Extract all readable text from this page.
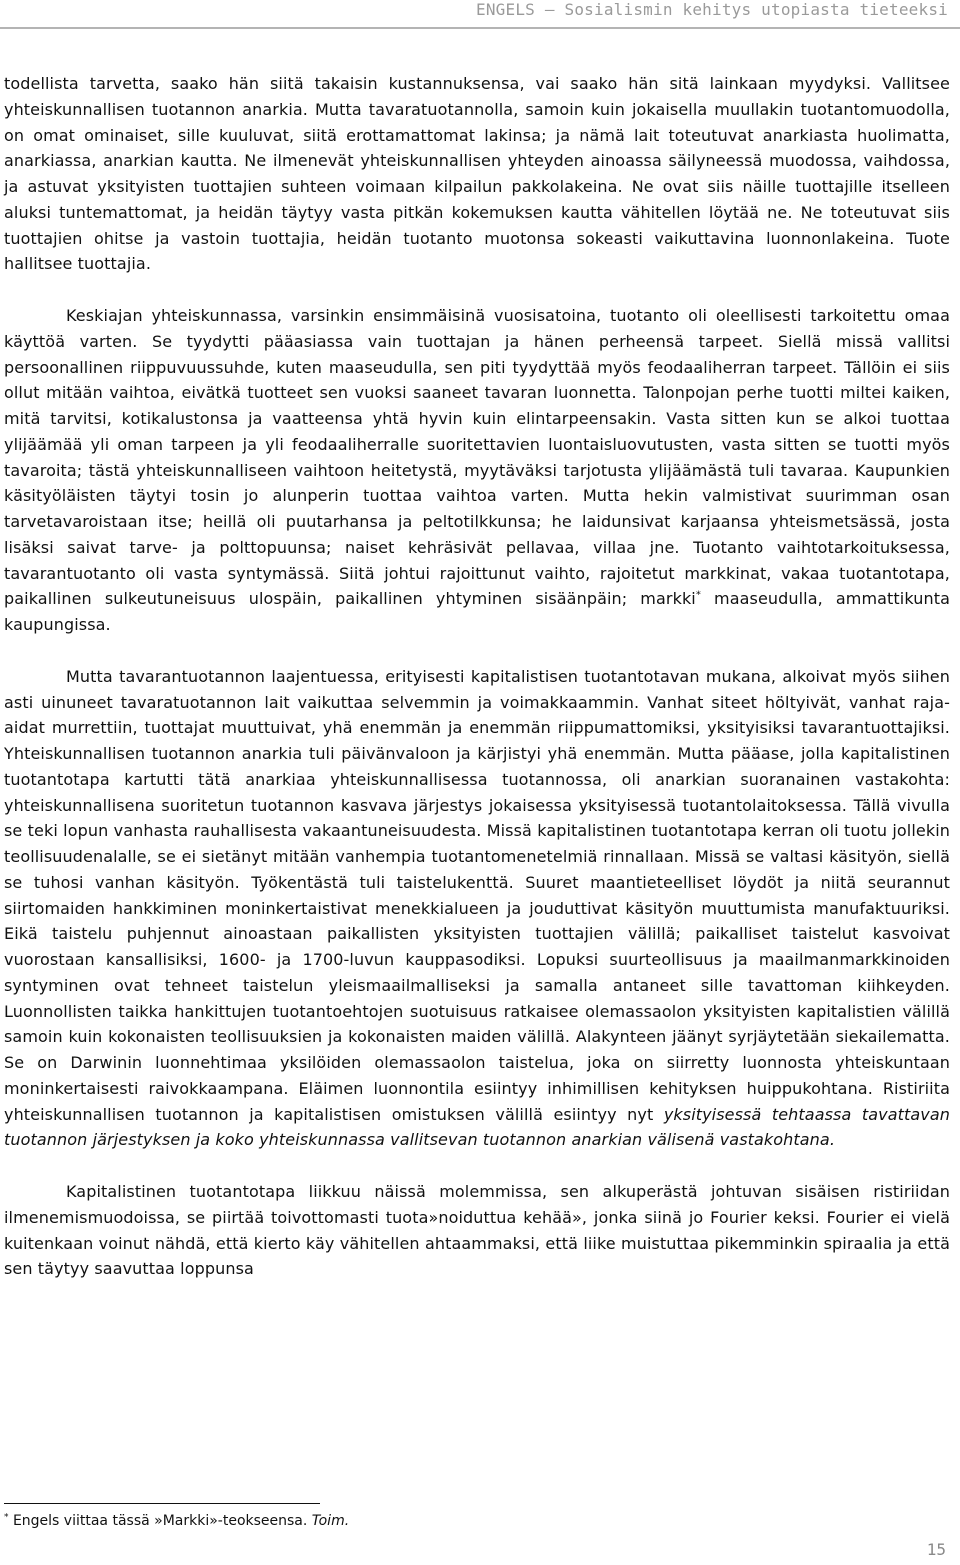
ENGELS – Sosialismin kehitys utopiasta tieteeksi

todellista tarvetta, saako hän siitä takaisin kustannuksensa, vai saako hän sitä lainkaan myydyksi. Vallitsee yhteiskunnallisen tuotannon anarkia. Mutta tavaratuotannolla, samoin kuin jokaisella muullakin tuotantomuodolla, on omat ominaiset, sille kuuluvat, siitä erottamattomat lakinsa; ja nämä lait toteutuvat anarkiasta huolimatta, anarkiassa, anarkian kautta. Ne ilmenevät yhteiskunnallisen yhteyden ainoassa säilyneessä muodossa, vaihdossa, ja astuvat yksityisten tuottajien suhteen voimaan kilpailun pakkolakeina. Ne ovat siis näille tuottajille itselleen aluksi tuntemattomat, ja heidän täytyy vasta pitkän kokemuksen kautta vähitellen löytää ne. Ne toteutuvat siis tuottajien ohitse ja vastoin tuottajia, heidän tuotanto muotonsa sokeasti vaikuttavina luonnonlakeina. Tuote hallitsee tuottajia.

Keskiajan yhteiskunnassa, varsinkin ensimmäisinä vuosisatoina, tuotanto oli oleellisesti tarkoitettu omaa käyttöä varten. Se tyydytti pääasiassa vain tuottajan ja hänen perheensä tarpeet. Siellä missä vallitsi persoonallinen riippuvuussuhde, kuten maaseudulla, sen piti tyydyttää myös feodaaliherran tarpeet. Tällöin ei siis ollut mitään vaihtoa, eivätkä tuotteet sen vuoksi saaneet tavaran luonnetta. Talonpojan perhe tuotti miltei kaiken, mitä tarvitsi, kotikalustonsa ja vaatteensa yhtä hyvin kuin elintarpeensakin. Vasta sitten kun se alkoi tuottaa ylijäämää yli oman tarpeen ja yli feodaaliherralle suoritettavien luontaisluovutusten, vasta sitten se tuotti myös tavaroita; tästä yhteiskunnalliseen vaihtoon heitetystä, myytäväksi tarjotusta ylijäämästä tuli tavaraa. Kaupunkien käsityöläisten täytyi tosin jo alunperin tuottaa vaihtoa varten. Mutta hekin valmistivat suurimman osan tarvetavaroistaan itse; heillä oli puutarhansa ja peltotilkkunsa; he laidunsivat karjaansa yhteismetsässä, josta lisäksi saivat tarve- ja polttopuunsa; naiset kehräsivät pellavaa, villaa jne. Tuotanto vaihtotarkoituksessa, tavarantuotanto oli vasta syntymässä. Siitä johtui rajoittunut vaihto, rajoitetut markkinat, vakaa tuotantotapa, paikallinen sulkeutuneisuus ulospäin, paikallinen yhtyminen sisäänpäin; markki* maaseudulla, ammattikunta kaupungissa.

Mutta tavarantuotannon laajentuessa, erityisesti kapitalistisen tuotantotavan mukana, alkoivat myös siihen asti uinuneet tavaratuotannon lait vaikuttaa selvemmin ja voimakkaammin. Vanhat siteet höltyivät, vanhat raja-aidat murrettiin, tuottajat muuttuivat, yhä enemmän ja enemmän riippumattomiksi, yksityisiksi tavarantuottajiksi. Yhteiskunnallisen tuotannon anarkia tuli päivänvaloon ja kärjistyi yhä enemmän. Mutta pääase, jolla kapitalistinen tuotantotapa kartutti tätä anarkiaa yhteiskunnallisessa tuotannossa, oli anarkian suoranainen vastakohta: yhteiskunnallisena suoritetun tuotannon kasvava järjestys jokaisessa yksityisessä tuotantolaitoksessa. Tällä vivulla se teki lopun vanhasta rauhallisesta vakaantuneisuudesta. Missä kapitalistinen tuotantotapa kerran oli tuotu jollekin teollisuudenalalle, se ei sietänyt mitään vanhempia tuotantomenetelmiä rinnallaan. Missä se valtasi käsityön, siellä se tuhosi vanhan käsityön. Työkentästä tuli taistelukenttä. Suuret maantieteelliset löydöt ja niitä seurannut siirtomaiden hankkiminen moninkertaistivat menekkialueen ja jouduttivat käsityön muuttumista manufaktuuriksi. Eikä taistelu puhjennut ainoastaan paikallisten yksityisten tuottajien välillä; paikalliset taistelut kasvoivat vuorostaan kansallisiksi, 1600- ja 1700-luvun kauppasodiksi. Lopuksi suurteollisuus ja maailmanmarkkinoiden syntyminen ovat tehneet taistelun yleismaailmalliseksi ja samalla antaneet sille tavattoman kiihkeyden. Luonnollisten taikka hankittujen tuotantoehtojen suotuisuus ratkaisee olemassaolon yksityisten kapitalistien välillä samoin kuin kokonaisten teollisuuksien ja kokonaisten maiden välillä. Alakynteen jäänyt syrjäytetään siekailematta. Se on Darwinin luonnehtimaa yksilöiden olemassaolon taistelua, joka on siirretty luonnosta yhteiskuntaan moninkertaisesti raivokkaampana. Eläimen luonnontila esiintyy inhimillisen kehityksen huippukohtana. Ristiriita yhteiskunnallisen tuotannon ja kapitalistisen omistuksen välillä esiintyy nyt yksityisessä tehtaassa tavattavan tuotannon järjestyksen ja koko yhteiskunnassa vallitsevan tuotannon anarkian välisenä vastakohtana.

Kapitalistinen tuotantotapa liikkuu näissä molemmissa, sen alkuperästä johtuvan sisäisen ristiriidan ilmenemismuodoissa, se piirtää toivottomasti tuota»noiduttua kehää», jonka siinä jo Fourier keksi. Fourier ei vielä kuitenkaan voinut nähdä, että kierto käy vähitellen ahtaammaksi, että liike muistuttaa pikemminkin spiraalia ja että sen täytyy saavuttaa loppunsa

* Engels viittaa tässä »Markki»-teokseensa. Toim.
15
